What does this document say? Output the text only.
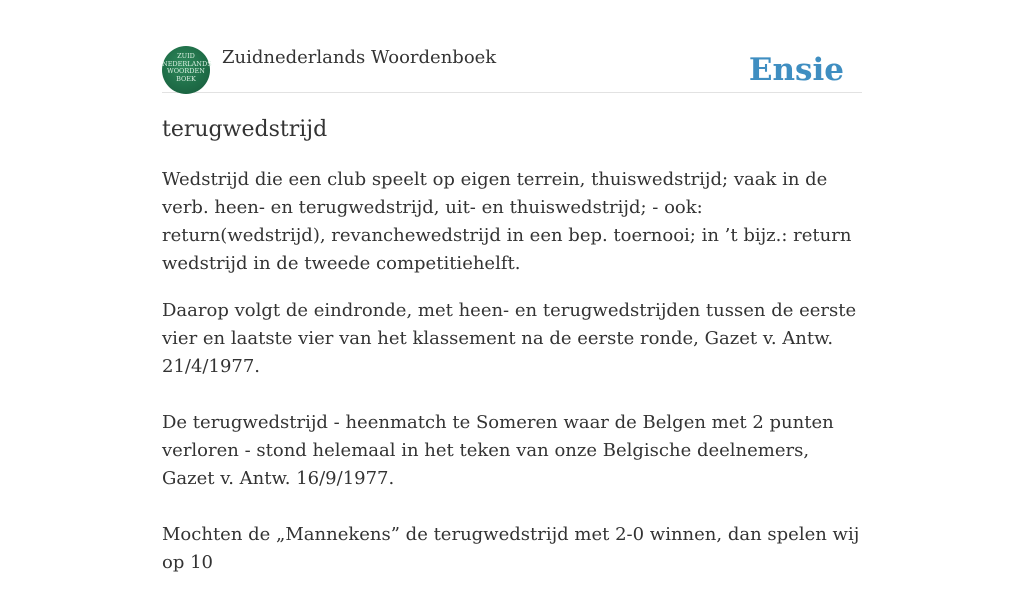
ZUID
NEDERLANDS
WOORDEN
BOEK
Zuidnederlands Woordenboek	Ensie
terugwedstrijd

Wedstrijd die een club speelt op eigen terrein, thuiswedstrijd; vaak in de verb. heen- en terugwedstrijd, uit- en thuiswedstrijd; - ook: return(wedstrijd), revanchewedstrijd in een bep. toernooi; in ’t bijz.: return wedstrijd in de tweede competitiehelft.

Daarop volgt de eindronde, met heen- en terugwedstrijden tussen de eerste vier en laatste vier van het klassement na de eerste ronde, Gazet v. Antw. 21/4/1977.

De terugwedstrijd - heenmatch te Someren waar de Belgen met 2 punten verloren - stond helemaal in het teken van onze Belgische deelnemers, Gazet v. Antw. 16/9/1977.

Mochten de „Mannekens” de terugwedstrijd met 2-0 winnen, dan spelen wij op 10
